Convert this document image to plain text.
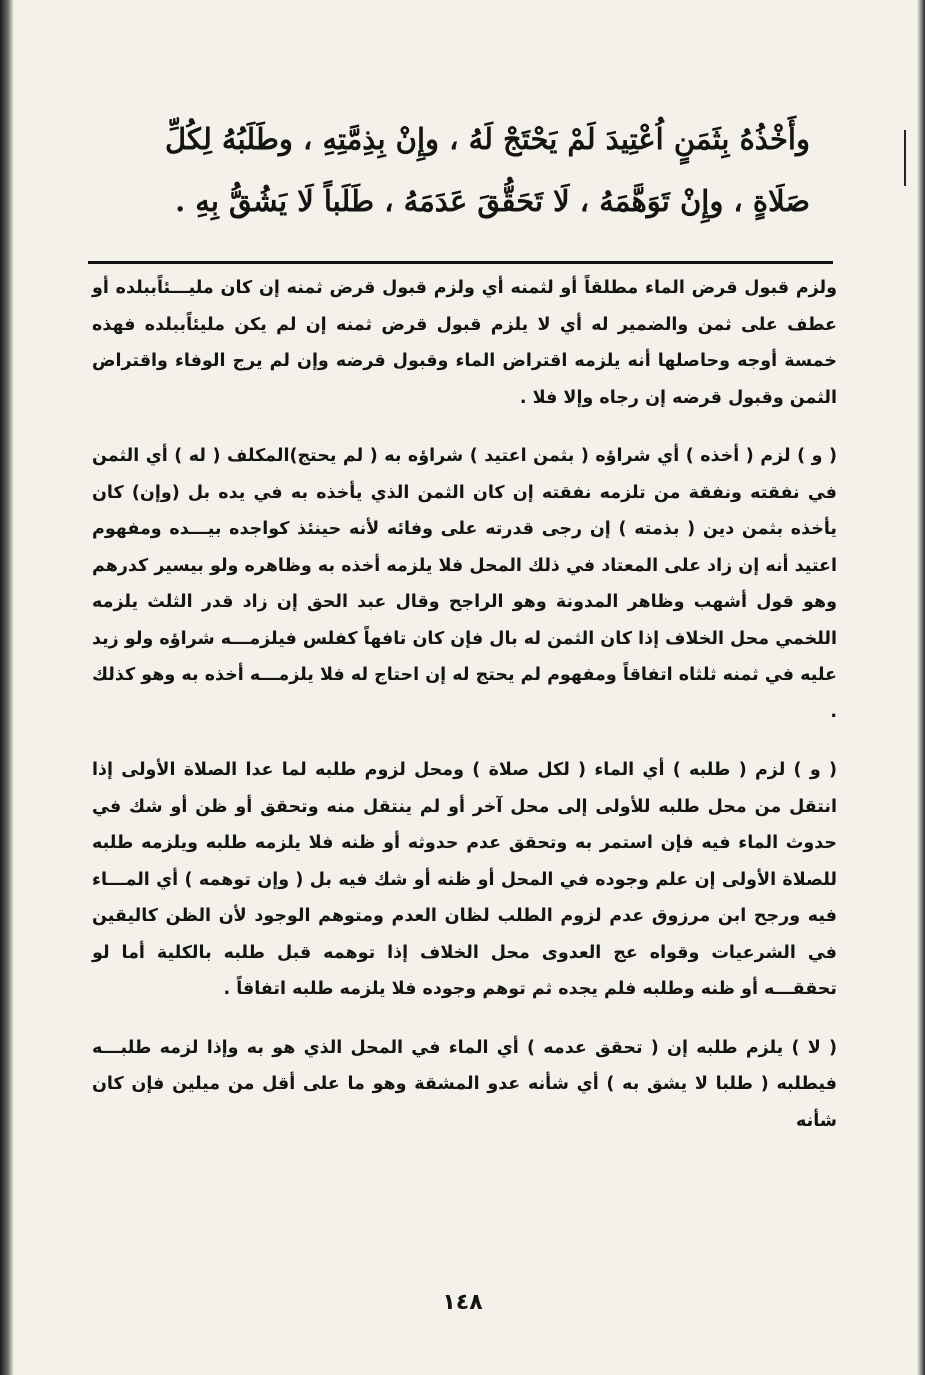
وأَخْذُهُ بِثَمَنٍ اُعْتِيدَ لَمْ يَحْتَجْ لَهُ ، وإِنْ بِذِمَّتِهِ ، وطَلَبُهُ لِكُلِّ

صَلَاةٍ ، وإِنْ تَوَهَّمَهُ ، لَا تَحَقُّقَ عَدَمَهُ ، طَلَباً لَا يَشُقُّ بِهِ .

ولزم قبول قرض الماء مطلقاً أو لثمنه أي ولزم قبول قرض ثمنه إن كان مليـــئاًببلده أو عطف على ثمن والضمير له أي لا يلزم قبول قرض ثمنه إن لم يكن مليئاًببلده فهذه خمسة أوجه وحاصلها أنه يلزمه اقتراض الماء وقبول قرضه وإن لم يرج الوفاء واقتراض الثمن وقبول قرضه إن رجاه وإلا فلا .

( و ) لزم ( أخذه ) أي شراؤه ( بثمن اعتيد ) شراؤه به ( لم يحتج)المكلف ( له ) أي الثمن في نفقته ونفقة من تلزمه نفقته إن كان الثمن الذي يأخذه به في يده بل (وإن) كان يأخذه بثمن دين ( بذمته ) إن رجى قدرته على وفائه لأنه حينئذ كواجده بيـــده ومفهوم اعتيد أنه إن زاد على المعتاد في ذلك المحل فلا يلزمه أخذه به وظاهره ولو بيسير كدرهم وهو قول أشهب وظاهر المدونة وهو الراجح وقال عبد الحق إن زاد قدر الثلث يلزمه اللخمي محل الخلاف إذا كان الثمن له بال فإن كان تافهاً كفلس فيلزمـــه شراؤه ولو زيد عليه في ثمنه ثلثاه اتفاقاً ومفهوم لم يحتج له إن احتاج له فلا يلزمـــه أخذه به وهو كذلك .

( و ) لزم ( طلبه ) أي الماء ( لكل صلاة ) ومحل لزوم طلبه لما عدا الصلاة الأولى إذا انتقل من محل طلبه للأولى إلى محل آخر أو لم ينتقل منه وتحقق أو ظن أو شك في حدوث الماء فيه فإن استمر به وتحقق عدم حدوثه أو ظنه فلا يلزمه طلبه ويلزمه طلبه للصلاة الأولى إن علم وجوده في المحل أو ظنه أو شك فيه بل ( وإن توهمه ) أي المـــاء فيه ورجح ابن مرزوق عدم لزوم الطلب لظان العدم ومتوهم الوجود لأن الظن كاليقين في الشرعيات وقواه عج العدوى محل الخلاف إذا توهمه قبل طلبه بالكلية أما لو تحققـــه أو ظنه وطلبه فلم يجده ثم توهم وجوده فلا يلزمه طلبه اتفاقاً .

( لا ) يلزم طلبه إن ( تحقق عدمه ) أي الماء في المحل الذي هو به وإذا لزمه طلبـــه فيطلبه ( طلبا لا يشق به ) أي شأنه عدو المشقة وهو ما على أقل من ميلين فإن كان شأنه

١٤٨
